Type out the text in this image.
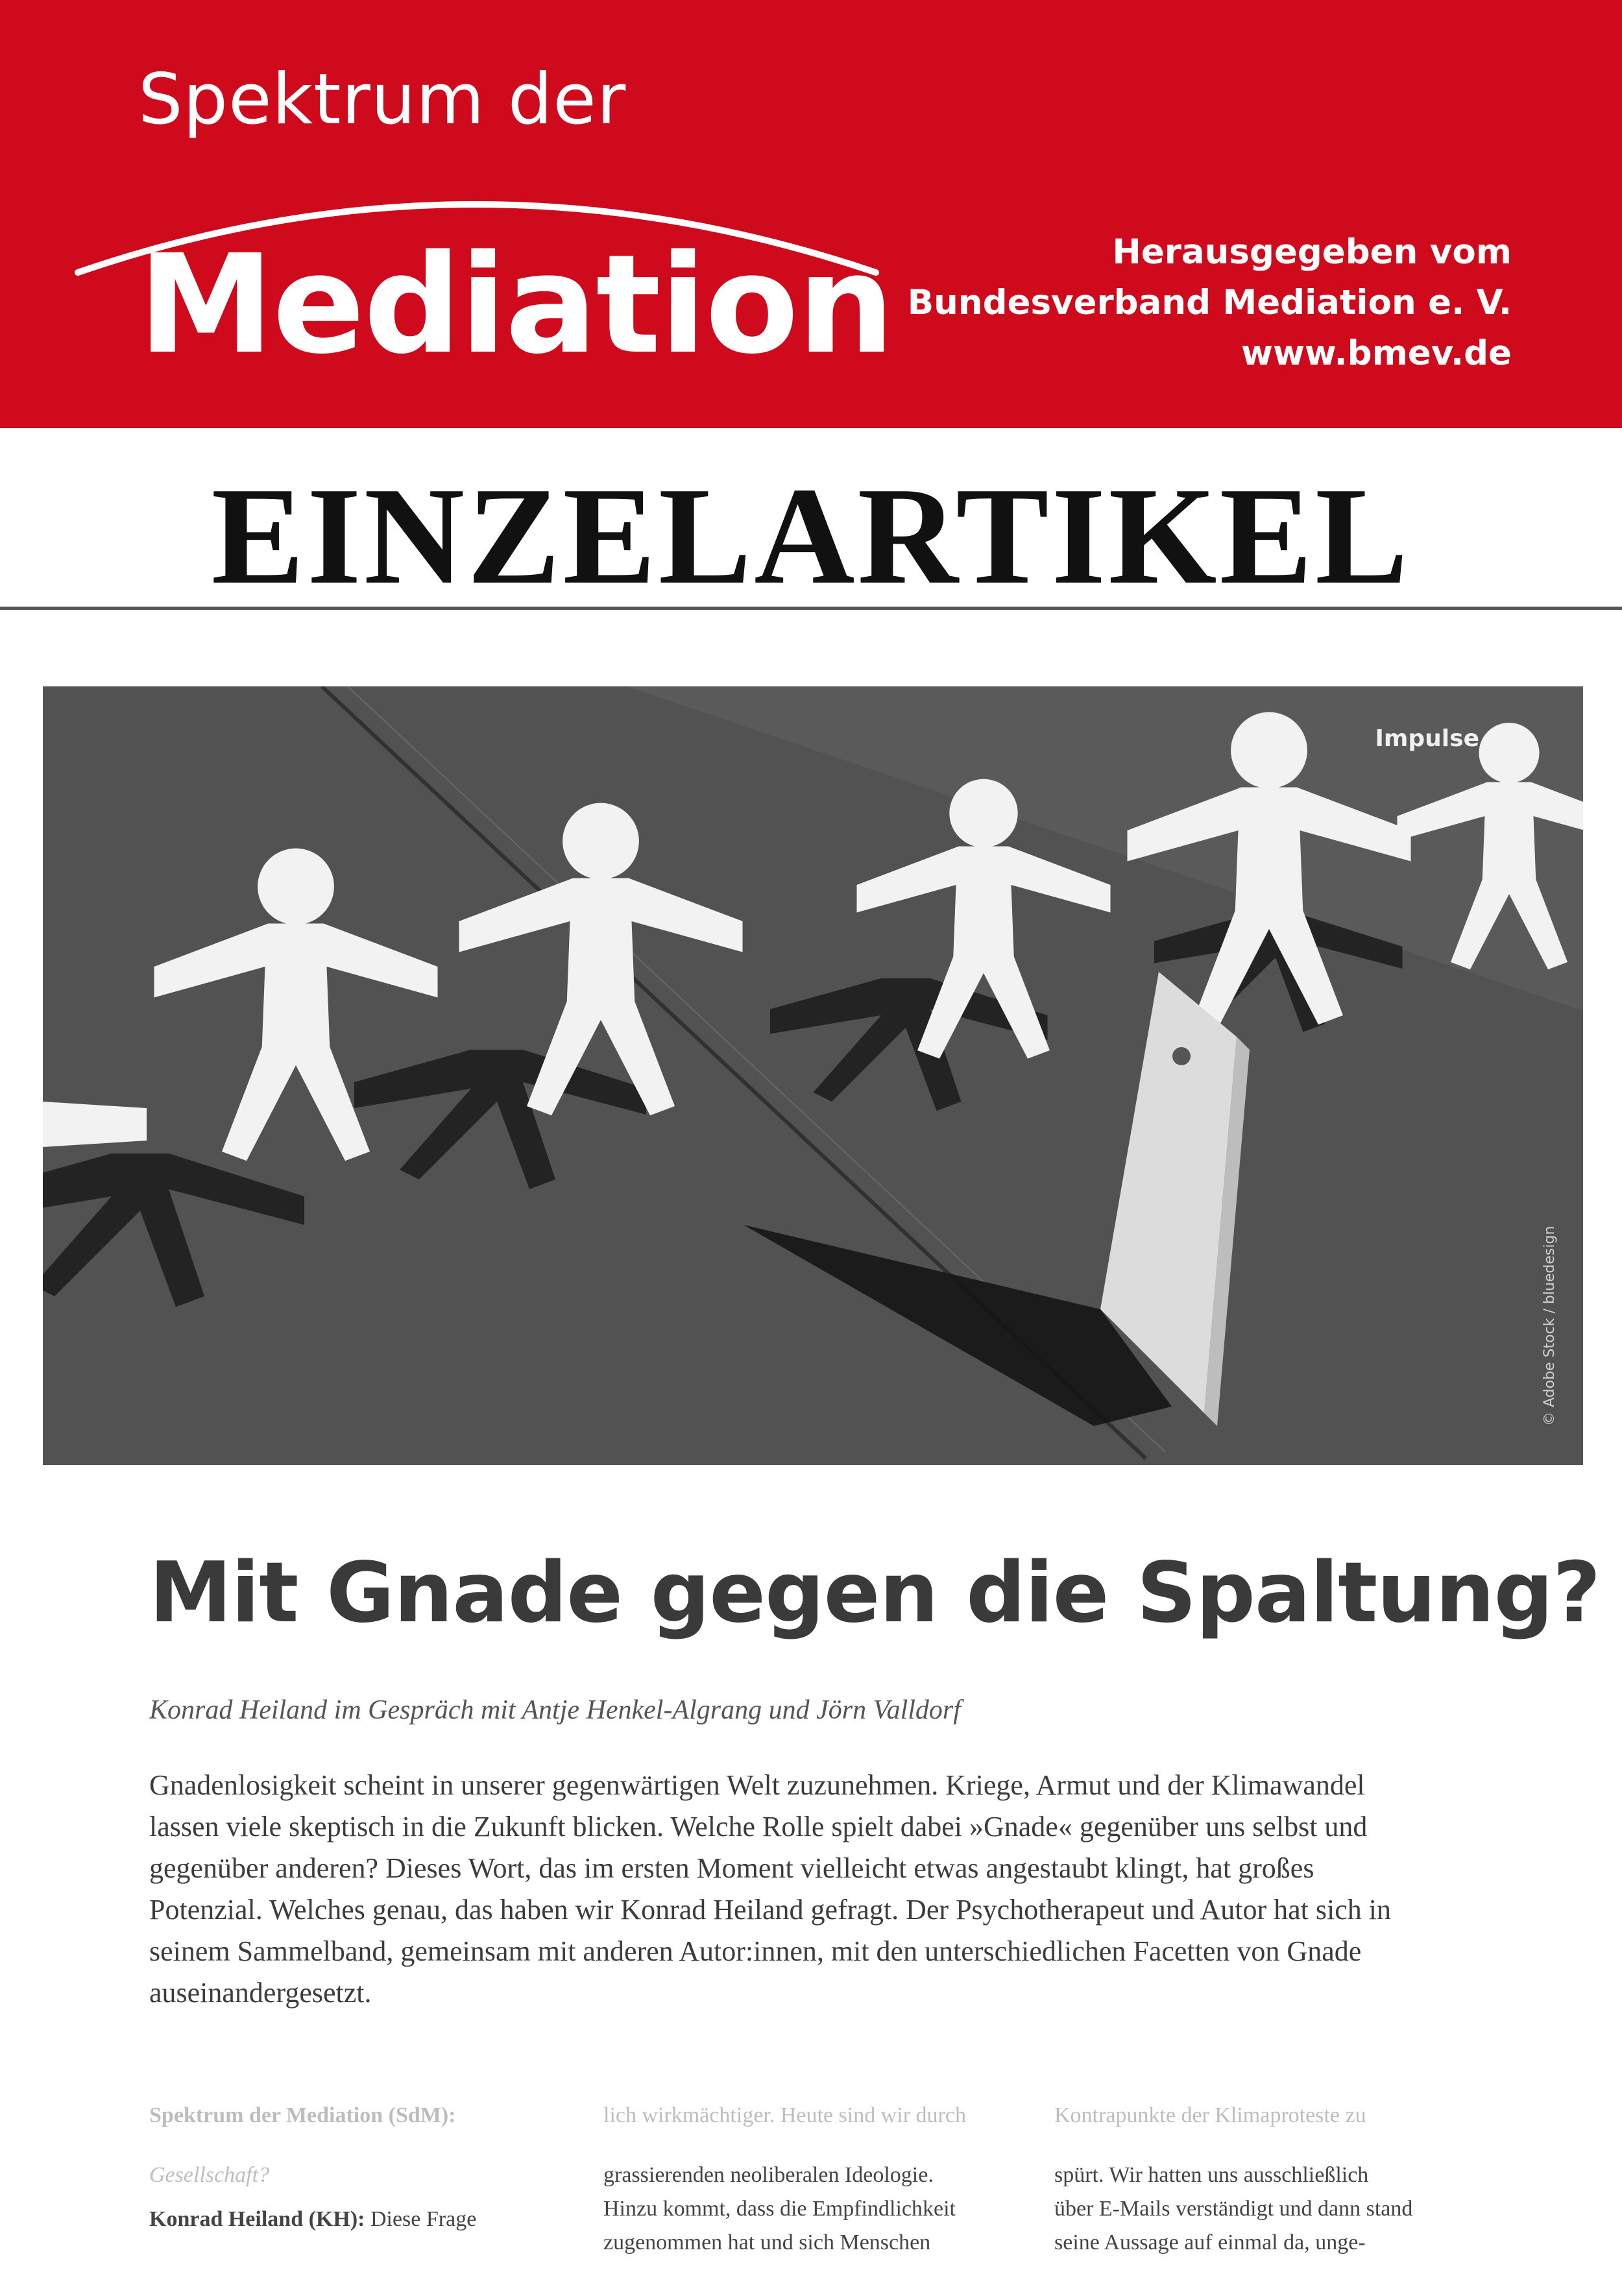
Spektrum der
Mediation	Herausgegeben vom
Bundesverband Mediation e. V.
www.bmev.de
EINZELARTIKEL
Impulse
© Adobe Stock / bluedesign
Mit Gnade gegen die Spaltung?
Konrad Heiland im Gespräch mit Antje Henkel-Algrang und Jörn Valldorf

Gnadenlosigkeit scheint in unserer gegenwärtigen Welt zuzunehmen. Kriege, Armut und der Klimawandel lassen viele skeptisch in die Zukunft blicken. Welche Rolle spielt dabei »Gnade« gegenüber uns selbst und gegenüber anderen? Dieses Wort, das im ersten Moment vielleicht etwas angestaubt klingt, hat großes Potenzial. Welches genau, das haben wir Konrad Heiland gefragt. Der Psychotherapeut und Autor hat sich in seinem Sammelband, gemeinsam mit anderen Autor:innen, mit den unterschiedlichen Facetten von Gnade auseinandergesetzt.

Spektrum der Mediation (SdM):

Gesellschaft?

Konrad Heiland (KH): Diese Frage

lich wirkmächtiger. Heute sind wir durch

grassierenden neoliberalen Ideologie.

Hinzu kommt, dass die Empfindlichkeit

zugenommen hat und sich Menschen

Kontrapunkte der Klimaproteste zu

spürt. Wir hatten uns ausschließlich

über E-Mails verständigt und dann stand

seine Aussage auf einmal da, unge-
